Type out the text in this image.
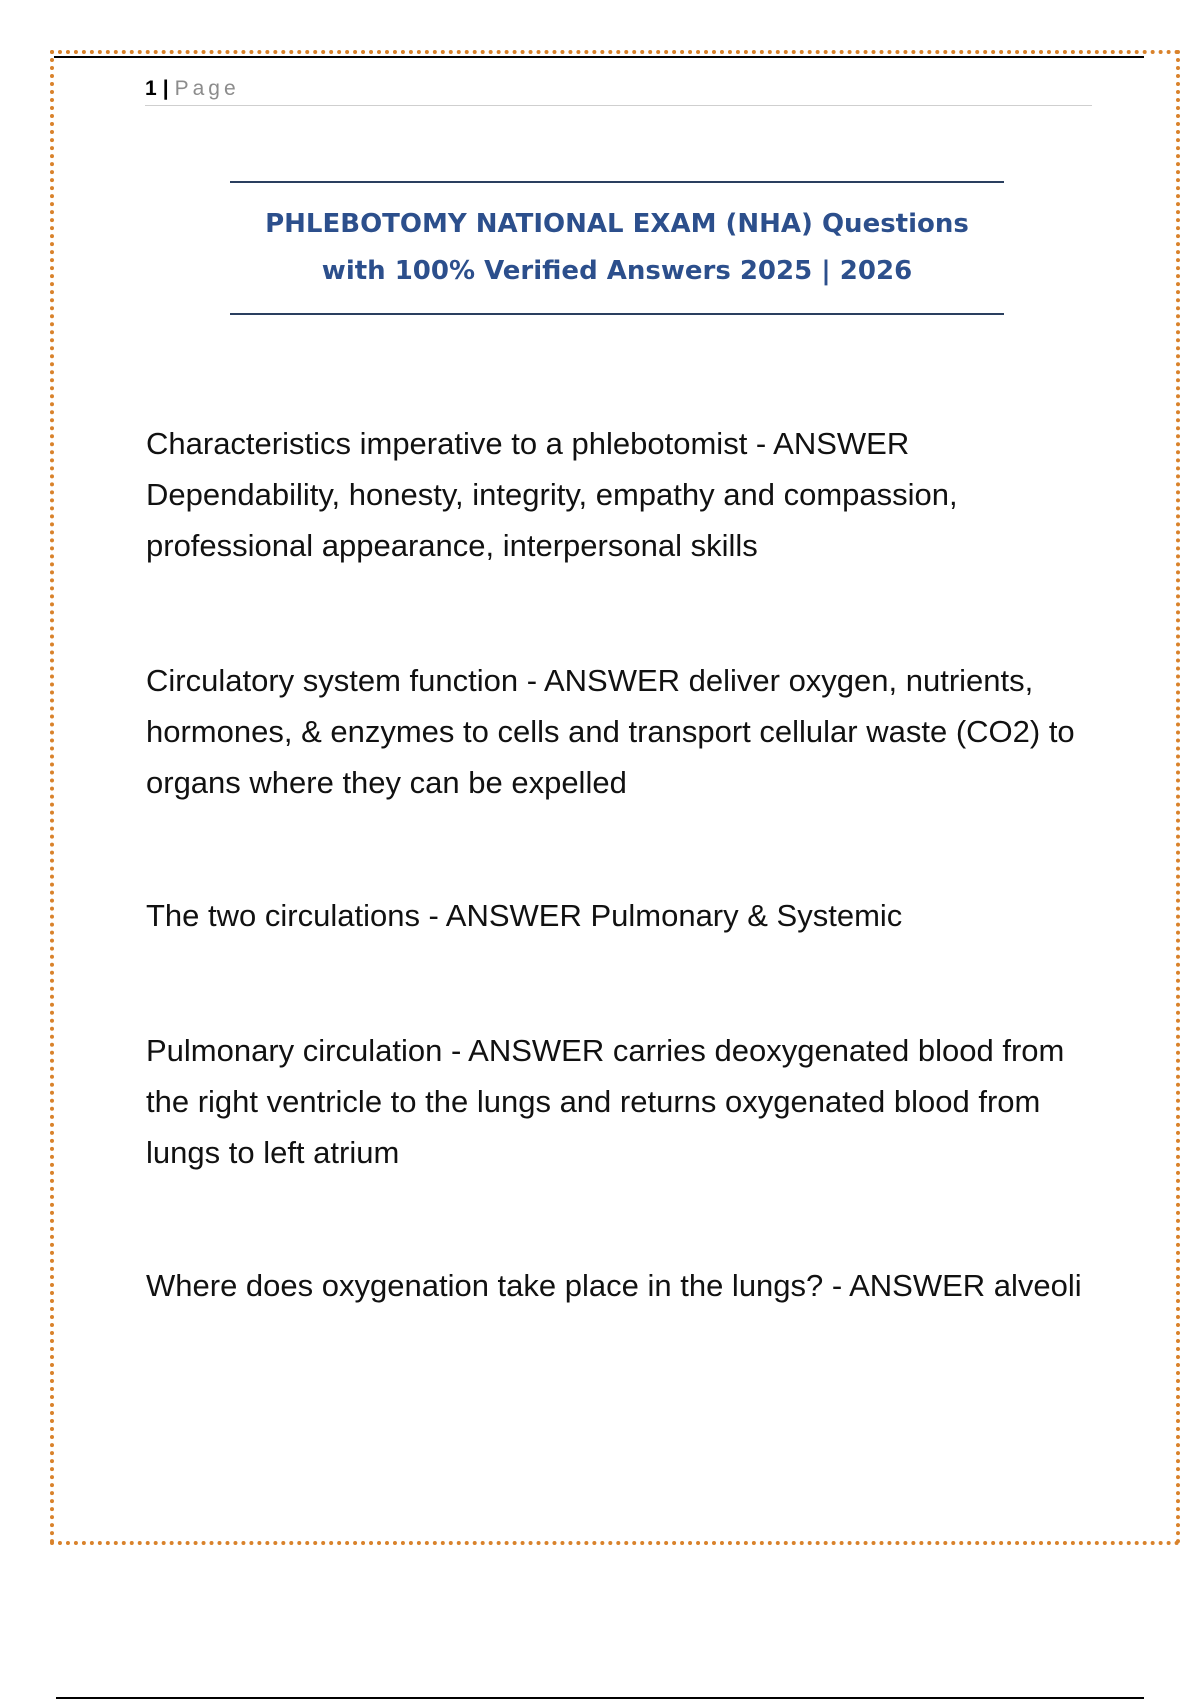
1 | Page

PHLEBOTOMY NATIONAL EXAM (NHA) Questions
with 100% Verified Answers 2025 | 2026

Characteristics imperative to a phlebotomist - ANSWER Dependability, honesty, integrity, empathy and compassion, professional appearance, interpersonal skills

Circulatory system function - ANSWER deliver oxygen, nutrients, hormones, & enzymes to cells and transport cellular waste (CO2) to organs where they can be expelled

The two circulations - ANSWER Pulmonary & Systemic

Pulmonary circulation - ANSWER carries deoxygenated blood from the right ventricle to the lungs and returns oxygenated blood from lungs to left atrium

Where does oxygenation take place in the lungs? - ANSWER alveoli
